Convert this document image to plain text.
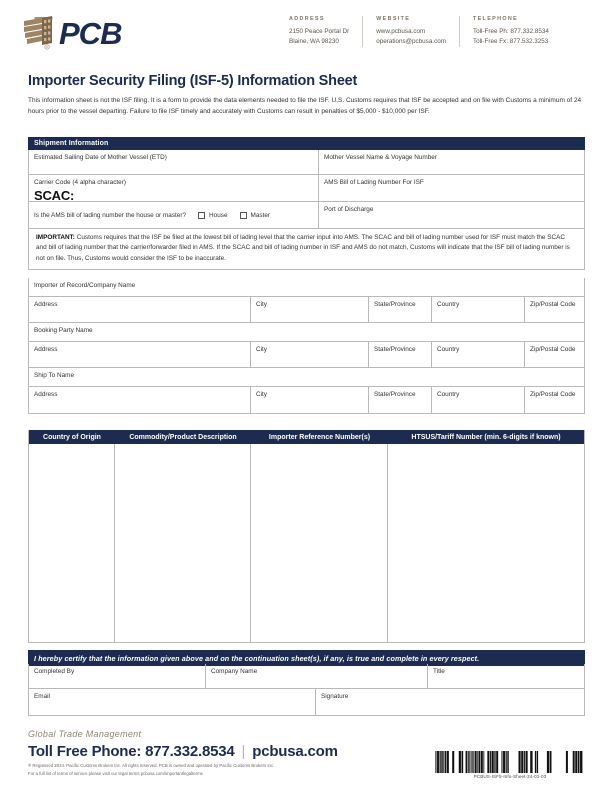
R PCB	ADDRESS
2150 Peace Portal Dr
Blaine, WA 98230
WEBSITE
www.pcbusa.com
operations@pcbusa.com
TELEPHONE
Toll-Free Ph: 877.332.8534
Toll-Free Fx: 877.532.3253
Importer Security Filing (ISF-5) Information Sheet
This information sheet is not the ISF filing. It is a form to provide the data elements needed to file the ISF. U.S. Customs requires that ISF be accepted and on file with Customs a minimum of 24 hours prior to the vessel departing. Failure to file ISF timely and accurately with Customs can result in penalties of $5,000 - $10,000 per ISF.
Shipment Information
Estimated Sailing Date of Mother Vessel (ETD)	Mother Vessel Name & Voyage Number
Carrier Code (4 alpha character)
SCAC:
AMS Bill of Lading Number For ISF
Is the AMS bill of lading number the house or master?	House	Master
Port of Discharge
IMPORTANT: Customs requires that the ISF be filed at the lowest bill of lading level that the carrier input into AMS. The SCAC and bill of lading number used for ISF must match the SCAC and bill of lading number that the carrier/forwarder filed in AMS. If the SCAC and bill of lading number in ISF and AMS do not match, Customs will indicate that the ISF bill of lading number is not on file. Thus, Customs would consider the ISF to be inaccurate.
Importer of Record/Company Name
Address	City	State/Province	Country	Zip/Postal Code
Booking Party Name
Address	City	State/Province	Country	Zip/Postal Code
Ship To Name
Address	City	State/Province	Country	Zip/Postal Code
Country of Origin	Commodity/Product Description	Importer Reference Number(s)	HTSUS/Tariff Number (min. 6-digits if known)
I hereby certify that the information given above and on the continuation sheet(s), if any, is true and complete in every respect.
Completed By	Company Name	Title
Email	Signature
Global Trade Management
Toll Free Phone: 877.332.8534 | pcbusa.com
® Registered 2024. Pacific Customs Brokers Inc. All rights reserved. PCB is owned and operated by Pacific Customs Brokers Inc.
For a full list of terms of service please visit our legal terms pcbusa.com/importantlegalterms
PCBUS-ISF5-Info-Sheet-24-01-03
